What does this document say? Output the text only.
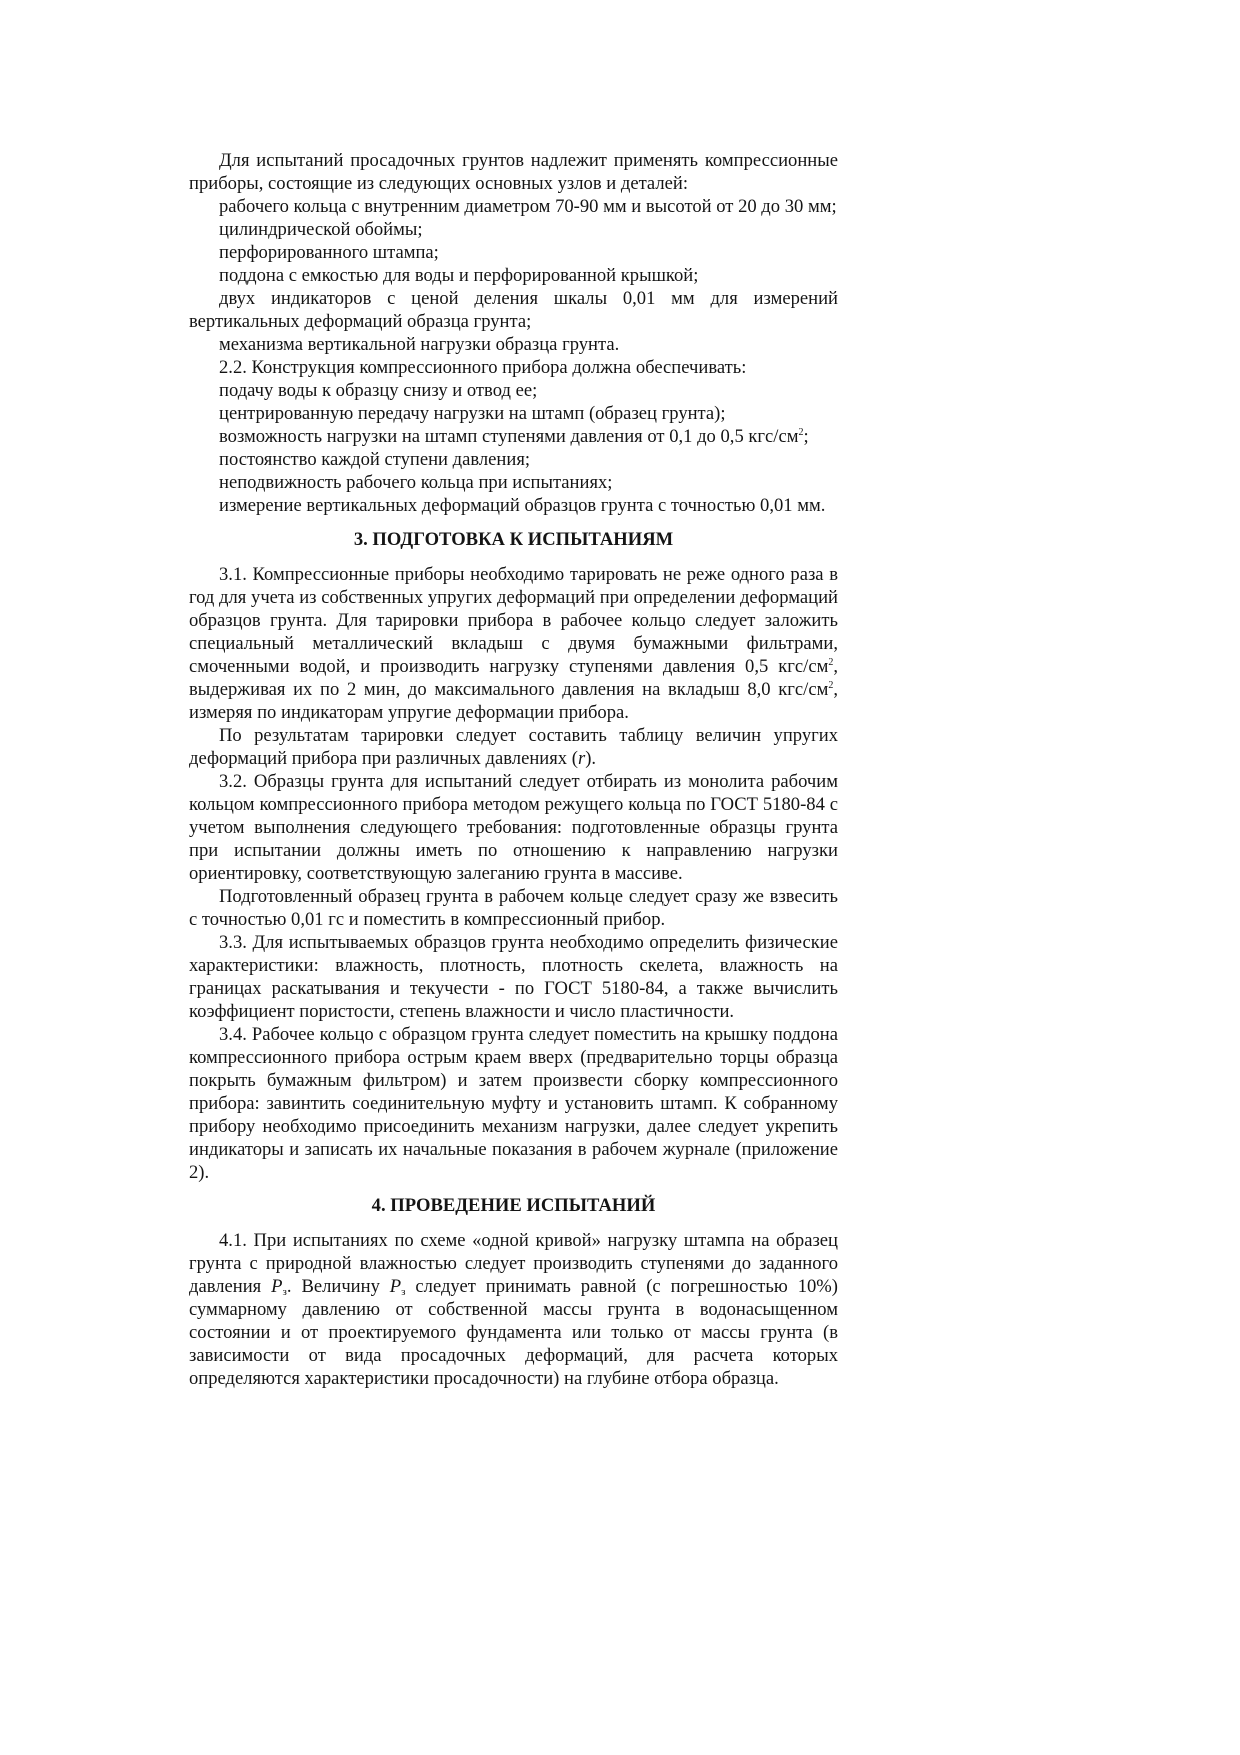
Для испытаний просадочных грунтов надлежит применять компрессионные приборы, состоящие из следующих основных узлов и деталей:

рабочего кольца с внутренним диаметром 70-90 мм и высотой от 20 до 30 мм;

цилиндрической обоймы;

перфорированного штампа;

поддона с емкостью для воды и перфорированной крышкой;

двух индикаторов с ценой деления шкалы 0,01 мм для измерений вертикальных деформаций образца грунта;

механизма вертикальной нагрузки образца грунта.

2.2. Конструкция компрессионного прибора должна обеспечивать:

подачу воды к образцу снизу и отвод ее;

центрированную передачу нагрузки на штамп (образец грунта);

возможность нагрузки на штамп ступенями давления от 0,1 до 0,5 кгс/$см^2$;

постоянство каждой ступени давления;

неподвижность рабочего кольца при испытаниях;

измерение вертикальных деформаций образцов грунта с точностью 0,01 мм.

3. ПОДГОТОВКА К ИСПЫТАНИЯМ

3.1. Компрессионные приборы необходимо тарировать не реже одного раза в год для учета из собственных упругих деформаций при определении деформаций образцов грунта. Для тарировки прибора в рабочее кольцо следует заложить специальный металлический вкладыш с двумя бумажными фильтрами, смоченными водой, и производить нагрузку ступенями давления 0,5 кгс/$см^2$, выдерживая их по 2 мин, до максимального давления на вкладыш 8,0 кгс/$см^2$, измеряя по индикаторам упругие деформации прибора.

По результатам тарировки следует составить таблицу величин упругих деформаций прибора при различных давлениях (r).

3.2. Образцы грунта для испытаний следует отбирать из монолита рабочим кольцом компрессионного прибора методом режущего кольца по ГОСТ 5180-84 с учетом выполнения следующего требования: подготовленные образцы грунта при испытании должны иметь по отношению к направлению нагрузки ориентировку, соответствующую залеганию грунта в массиве.

Подготовленный образец грунта в рабочем кольце следует сразу же взвесить с точностью 0,01 гс и поместить в компрессионный прибор.

3.3. Для испытываемых образцов грунта необходимо определить физические характеристики: влажность, плотность, плотность скелета, влажность на границах раскатывания и текучести - по ГОСТ 5180-84, а также вычислить коэффициент пористости, степень влажности и число пластичности.

3.4. Рабочее кольцо с образцом грунта следует поместить на крышку поддона компрессионного прибора острым краем вверх (предварительно торцы образца покрыть бумажным фильтром) и затем произвести сборку компрессионного прибора: завинтить соединительную муфту и установить штамп. К собранному прибору необходимо присоединить механизм нагрузки, далее следует укрепить индикаторы и записать их начальные показания в рабочем журнале (приложение 2).

4. ПРОВЕДЕНИЕ ИСПЫТАНИЙ

4.1. При испытаниях по схеме «одной кривой» нагрузку штампа на образец грунта с природной влажностью следует производить ступенями до заданного давления $P_з$. Величину $P_з$ следует принимать равной (с погрешностью 10%) суммарному давлению от собственной массы грунта в водонасыщенном состоянии и от проектируемого фундамента или только от массы грунта (в зависимости от вида просадочных деформаций, для расчета которых определяются характеристики просадочности) на глубине отбора образца.
